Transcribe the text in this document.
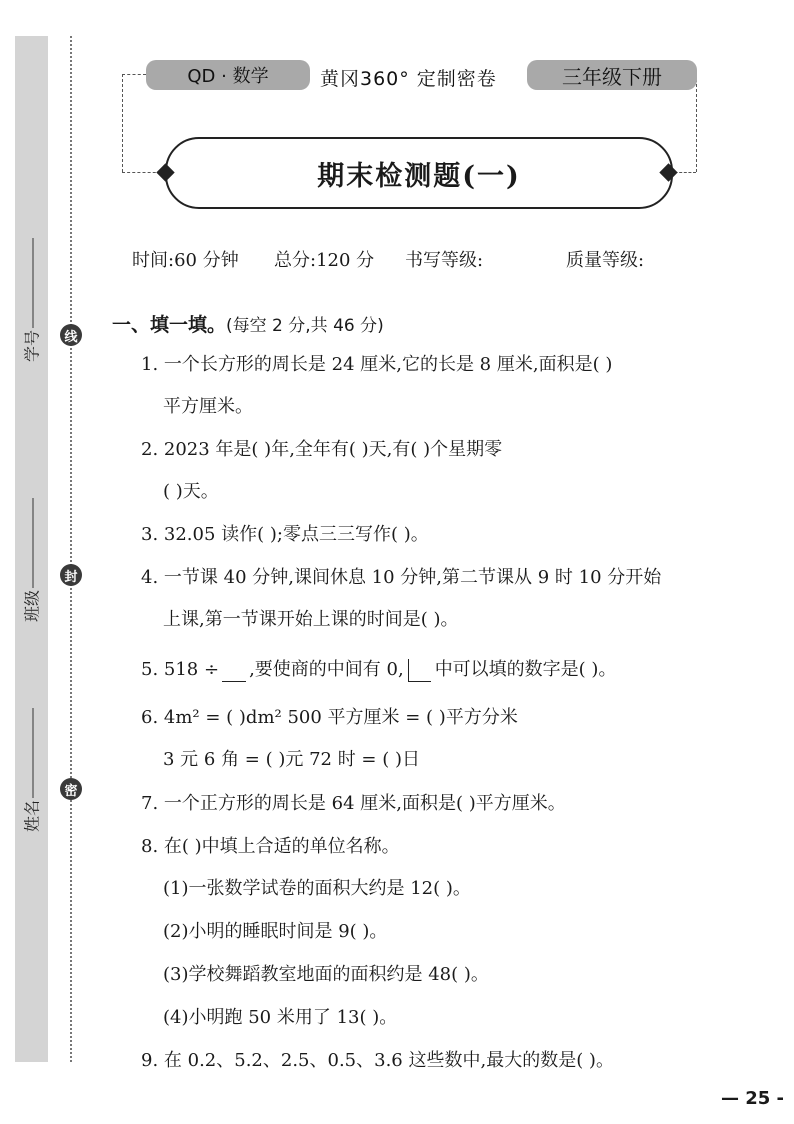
学号
班级
姓名
线
封
密
QD · 数学	黄冈360° 定制密卷	三年级下册
期末检测题(一)
时间:60 分钟 总分:120 分 书写等级:	质量等级:
一、填一填。(每空 2 分,共 46 分)
1. 一个长方形的周长是 24 厘米,它的长是 8 厘米,面积是( )
平方厘米。
2. 2023 年是( )年,全年有( )天,有( )个星期零
( )天。
3. 32.05 读作( );零点三三写作( )。
4. 一节课 40 分钟,课间休息 10 分钟,第二节课从 9 时 10 分开始
上课,第一节课开始上课的时间是( )。
5. 518 ÷ ,要使商的中间有 0, 中可以填的数字是( )。
6. 4m² = ( )dm² 500 平方厘米 = ( )平方分米
3 元 6 角 = ( )元 72 时 = ( )日
7. 一个正方形的周长是 64 厘米,面积是( )平方厘米。
8. 在( )中填上合适的单位名称。
(1)一张数学试卷的面积大约是 12( )。
(2)小明的睡眠时间是 9( )。
(3)学校舞蹈教室地面的面积约是 48( )。
(4)小明跑 50 米用了 13( )。
9. 在 0.2、5.2、2.5、0.5、3.6 这些数中,最大的数是( )。
— 25 -
